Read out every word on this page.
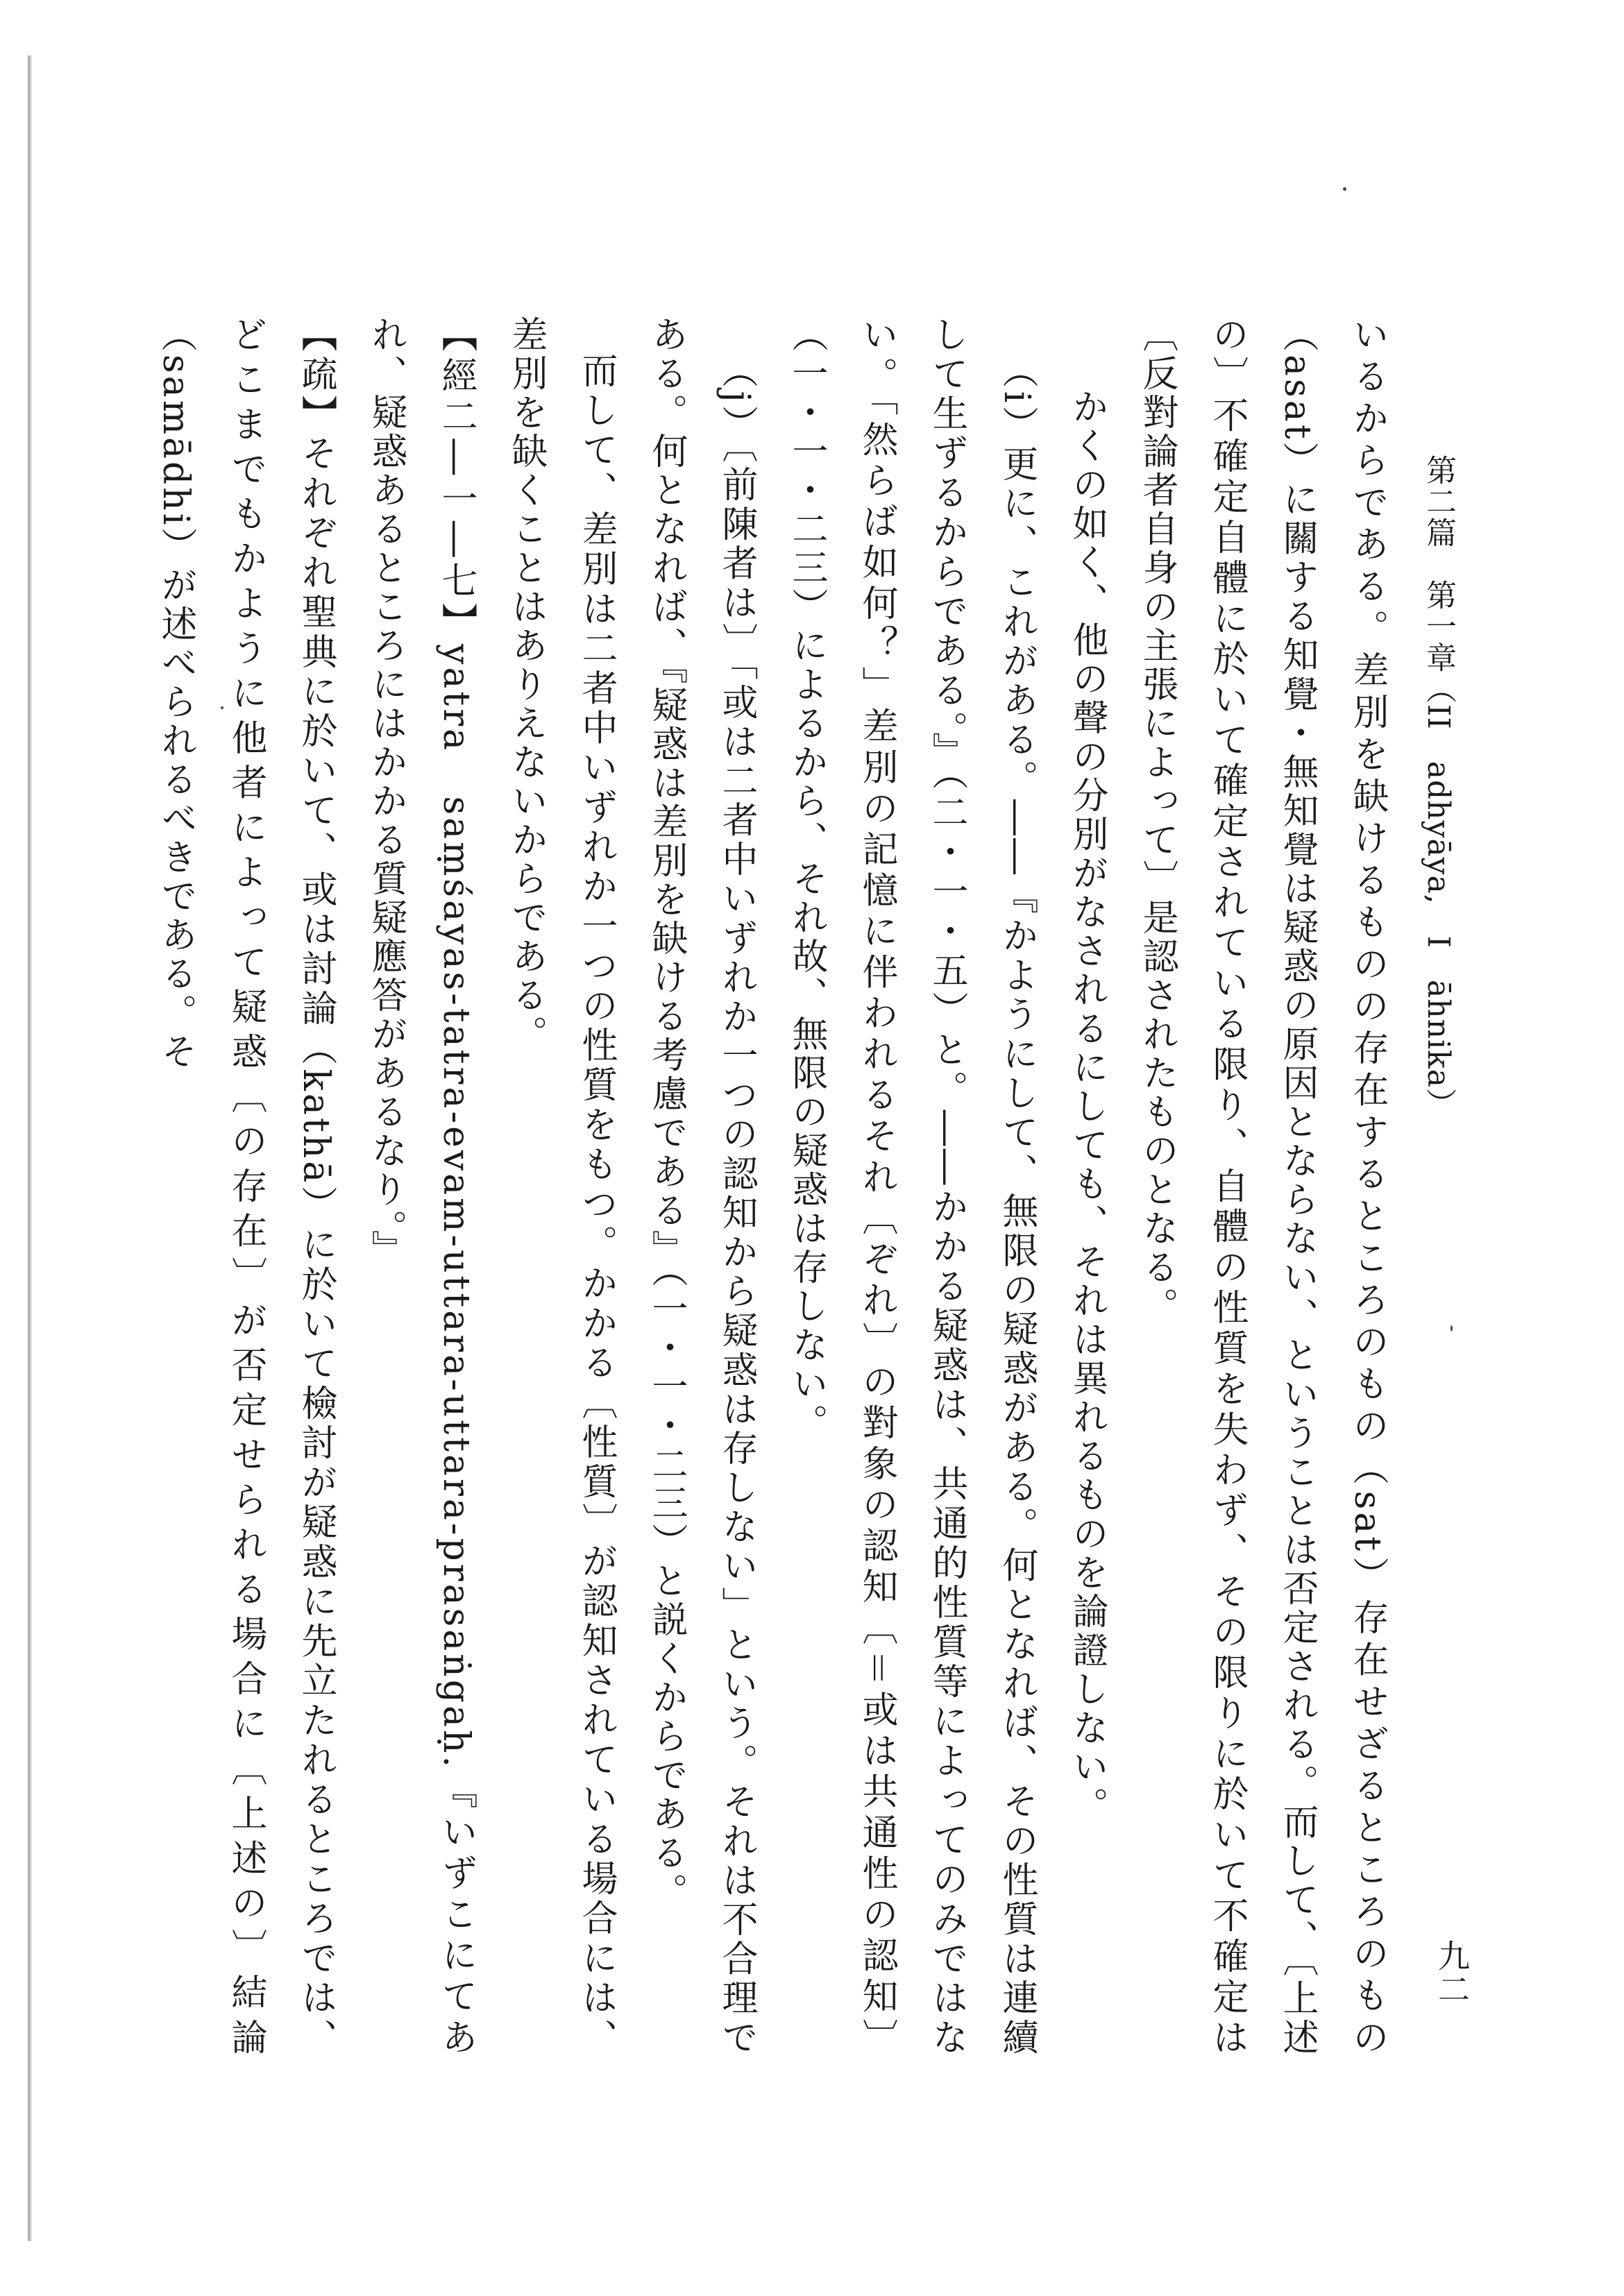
九二
第二篇　第一章（II　adhyāya,　I　āhnika）

いるからである。差別を缺けるものの存在するところのもの（sat）存在せざるところのもの（asat）に關する知覺・無知覺は疑惑の原因とならない、ということは否定される。而して、〔上述の〕不確定自體に於いて確定されている限り、自體の性質を失わず、その限りに於いて不確定は〔反對論者自身の主張によって〕是認されたものとなる。

かくの如く、他の聲の分別がなされるにしても、それは異れるものを論證しない。

（i）更に、これがある。――『かようにして、無限の疑惑がある。何となれば、その性質は連續して生ずるからである。』（二・一・五）と。――かかる疑惑は、共通的性質等によってのみではない。「然らば如何？」差別の記憶に伴われるそれ〔ぞれ〕の對象の認知〔＝或は共通性の認知〕（一・一・二三）によるから、それ故、無限の疑惑は存しない。

（j）〔前陳者は〕「或は二者中いずれか一つの認知から疑惑は存しない」という。それは不合理である。何となれば、『疑惑は差別を缺ける考慮である』（一・一・二三）と説くからである。

而して、差別は二者中いずれか一つの性質をもつ。かかる〔性質〕が認知されている場合には、差別を缺くことはありえないからである。

【經二―一―七】yatra　saṃśayas-tatra-evam-uttara-uttara-prasaṅgaḥ.『いずこにてあれ、疑惑あるところにはかかる質疑應答があるなり。』

【疏】それぞれ聖典に於いて、或は討論（kathā）に於いて檢討が疑惑に先立たれるところでは、どこまでもかように他者によって疑惑〔の存在〕が否定せられる場合に〔上述の〕結論（samādhi）が述べられるべきである。そ
